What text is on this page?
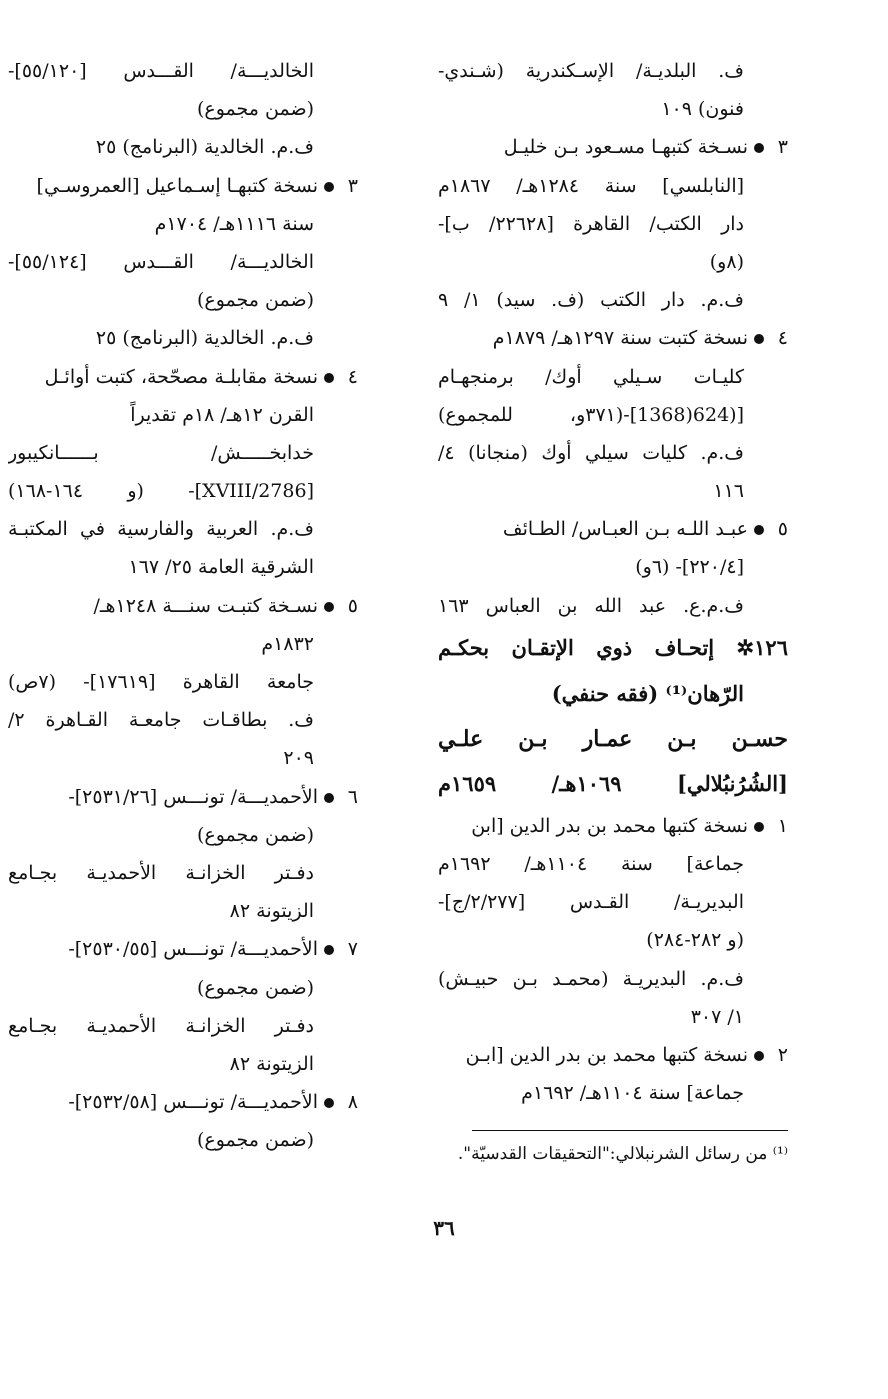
ف. البلديـة/ الإسـكندرية (شـندي-
فنون) ١٠٩
٣نسـخة كتبهـا مسـعود بـن خليـل
[النابلسي] سنة ١٢٨٤هـ/ ١٨٦٧م
دار الكتب/ القاهرة [٢٢٦٢٨/ ب]-
(٨و)
ف.م. دار الكتب (ف. سيد) ١/ ٩
٤نسخة كتبت سنة ١٢٩٧هـ/ ١٨٧٩م
كليـات سـيلي أوك/ برمنجهـام
[(624(1368]-(٣٧١و، للمجموع)
ف.م. كليات سيلي أوك (منجانا) ٤/
١١٦
٥عبـد اللـه بـن العبـاس/ الطـائف
[٢٢٠/٤]- (٦و)
ف.م.ع. عبد الله بن العباس ١٦٣
١٢٦✲ إتحـاف ذوي الإتقـان بحكـم
الرّهان⁽¹⁾ (فقه حنفي)
حسـن بـن عمـار بـن علـي
[الشُرُنبُلالي] ١٠٦٩هـ/ ١٦٥٩م
١نسخة كتبها محمد بن بدر الدين [ابن
جماعة] سنة ١١٠٤هـ/ ١٦٩٢م
البديريـة/ القـدس [٢/٢٧٧/ج]-
(و ٢٨٢-٢٨٤)
ف.م. البديريـة (محمـد بـن حبيـش)
١/ ٣٠٧
٢نسخة كتبها محمد بن بدر الدين [ابـن
جماعة] سنة ١١٠٤هـ/ ١٦٩٢م
الخالديـــة/ القـــدس [٥٥/١٢٠]-
(ضمن مجموع)
ف.م. الخالدية (البرنامج) ٢٥
٣نسخة كتبهـا إسـماعيل [العمروسـي]
سنة ١١١٦هـ/ ١٧٠٤م
الخالديـــة/ القـــدس [٥٥/١٢٤]-
(ضمن مجموع)
ف.م. الخالدية (البرنامج) ٢٥
٤نسخة مقابلـة مصحّحة، كتبت أوائـل
القرن ١٢هـ/ ١٨م تقديراً
خدابخـــــش/ بــــــانكيبور
[2786/XVIII]- (و ١٦٤-١٦٨)
ف.م. العربية والفارسية في المكتبـة
الشرقية العامة ٢٥/ ١٦٧
٥نسـخة كتبـت سنـــة ١٢٤٨هـ/
١٨٣٢م
جامعة القاهرة [١٧٦١٩]- (٧ص)
ف. بطاقـات جامعـة القـاهرة ٢/
٢٠٩
٦الأحمديـــة/ تونـــس [٢٥٣١/٢٦]-
(ضمن مجموع)
دفـتر الخزانـة الأحمديـة بجـامع
الزيتونة ٨٢
٧الأحمديـــة/ تونـــس [٢٥٣٠/٥٥]-
(ضمن مجموع)
دفـتر الخزانـة الأحمديـة بجـامع
الزيتونة ٨٢
٨الأحمديـــة/ تونـــس [٢٥٣٢/٥٨]-
(ضمن مجموع)
⁽¹⁾ من رسائل الشرنبلالي:"التحقيقات القدسيّة".
٣٦
